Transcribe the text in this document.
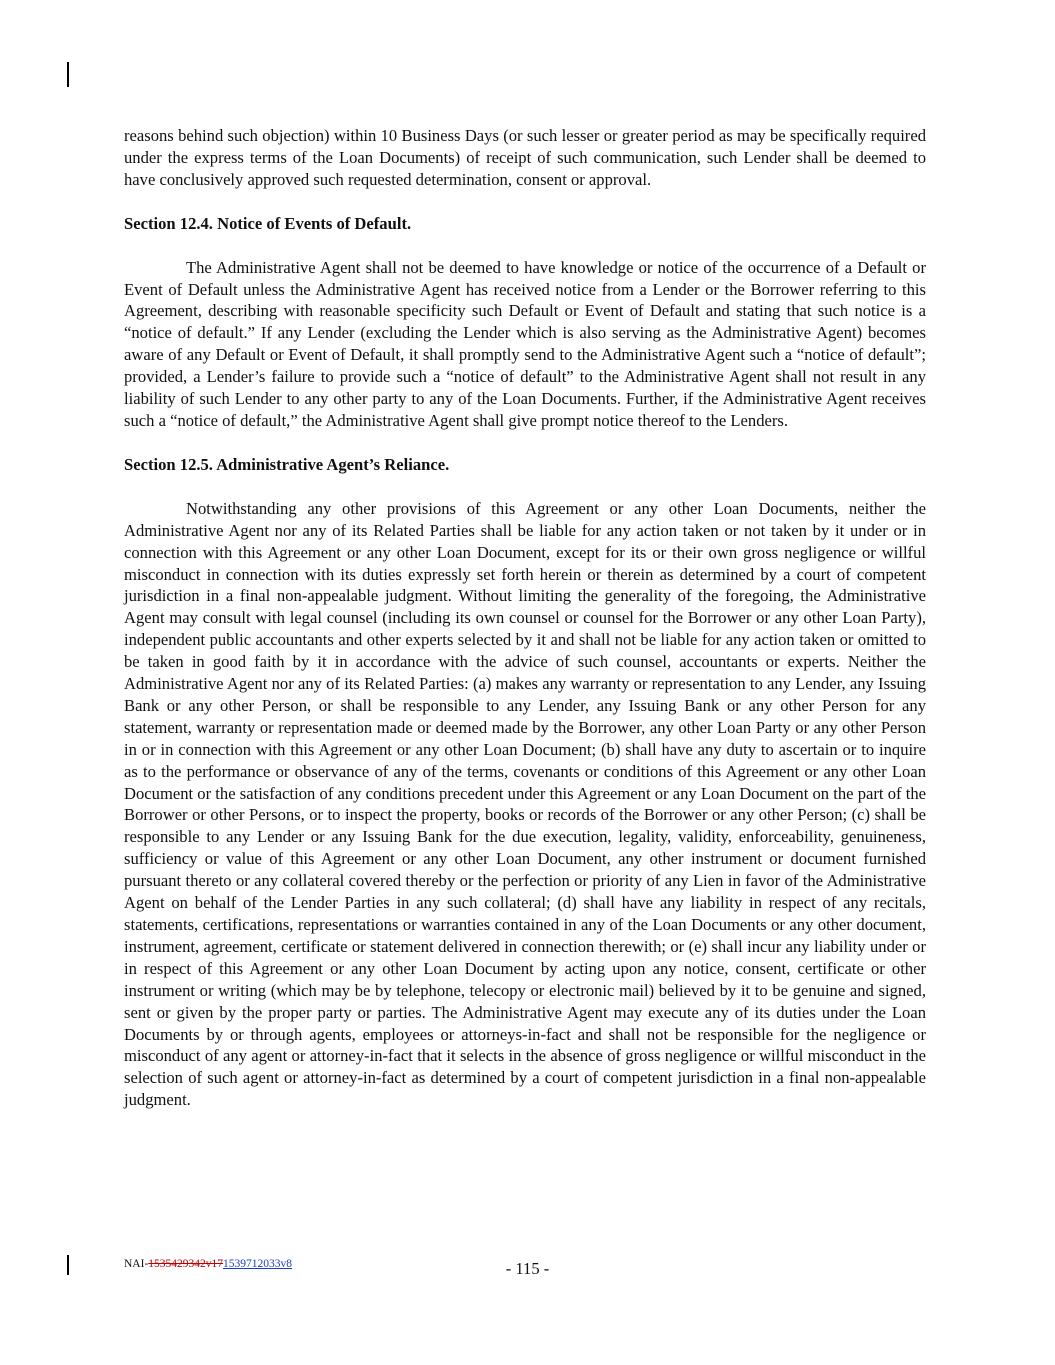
reasons behind such objection) within 10 Business Days (or such lesser or greater period as may be specifically required under the express terms of the Loan Documents) of receipt of such communication, such Lender shall be deemed to have conclusively approved such requested determination, consent or approval.

Section 12.4. Notice of Events of Default.

The Administrative Agent shall not be deemed to have knowledge or notice of the occurrence of a Default or Event of Default unless the Administrative Agent has received notice from a Lender or the Borrower referring to this Agreement, describing with reasonable specificity such Default or Event of Default and stating that such notice is a “notice of default.” If any Lender (excluding the Lender which is also serving as the Administrative Agent) becomes aware of any Default or Event of Default, it shall promptly send to the Administrative Agent such a “notice of default”; provided, a Lender’s failure to provide such a “notice of default” to the Administrative Agent shall not result in any liability of such Lender to any other party to any of the Loan Documents. Further, if the Administrative Agent receives such a “notice of default,” the Administrative Agent shall give prompt notice thereof to the Lenders.

Section 12.5. Administrative Agent’s Reliance.

Notwithstanding any other provisions of this Agreement or any other Loan Documents, neither the Administrative Agent nor any of its Related Parties shall be liable for any action taken or not taken by it under or in connection with this Agreement or any other Loan Document, except for its or their own gross negligence or willful misconduct in connection with its duties expressly set forth herein or therein as determined by a court of competent jurisdiction in a final non-appealable judgment. Without limiting the generality of the foregoing, the Administrative Agent may consult with legal counsel (including its own counsel or counsel for the Borrower or any other Loan Party), independent public accountants and other experts selected by it and shall not be liable for any action taken or omitted to be taken in good faith by it in accordance with the advice of such counsel, accountants or experts. Neither the Administrative Agent nor any of its Related Parties: (a) makes any warranty or representation to any Lender, any Issuing Bank or any other Person, or shall be responsible to any Lender, any Issuing Bank or any other Person for any statement, warranty or representation made or deemed made by the Borrower, any other Loan Party or any other Person in or in connection with this Agreement or any other Loan Document; (b) shall have any duty to ascertain or to inquire as to the performance or observance of any of the terms, covenants or conditions of this Agreement or any other Loan Document or the satisfaction of any conditions precedent under this Agreement or any Loan Document on the part of the Borrower or other Persons, or to inspect the property, books or records of the Borrower or any other Person; (c) shall be responsible to any Lender or any Issuing Bank for the due execution, legality, validity, enforceability, genuineness, sufficiency or value of this Agreement or any other Loan Document, any other instrument or document furnished pursuant thereto or any collateral covered thereby or the perfection or priority of any Lien in favor of the Administrative Agent on behalf of the Lender Parties in any such collateral; (d) shall have any liability in respect of any recitals, statements, certifications, representations or warranties contained in any of the Loan Documents or any other document, instrument, agreement, certificate or statement delivered in connection therewith; or (e) shall incur any liability under or in respect of this Agreement or any other Loan Document by acting upon any notice, consent, certificate or other instrument or writing (which may be by telephone, telecopy or electronic mail) believed by it to be genuine and signed, sent or given by the proper party or parties. The Administrative Agent may execute any of its duties under the Loan Documents by or through agents, employees or attorneys-in-fact and shall not be responsible for the negligence or misconduct of any agent or attorney-in-fact that it selects in the absence of gross negligence or willful misconduct in the selection of such agent or attorney-in-fact as determined by a court of competent jurisdiction in a final non-appealable judgment.

NAI-1535429342v171539712033v8	- 115 -
